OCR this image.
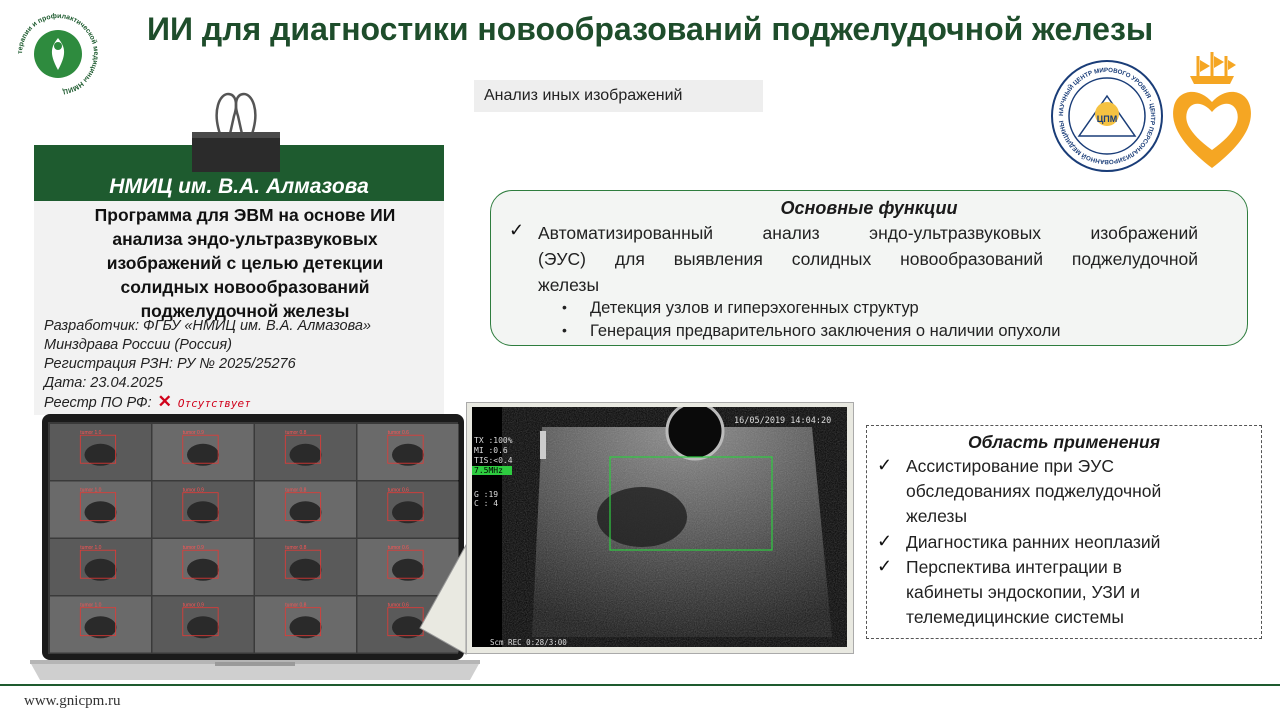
терапии и профилактической медицины НМИЦ
ИИ для диагностики новообразований поджелудочной железы
Анализ иных изображений
ЦПМ
НАУЧНЫЙ ЦЕНТР МИРОВОГО УРОВНЯ · ЦЕНТР ПЕРСОНАЛИЗИРОВАННОЙ МЕДИЦИНЫ
НМИЦ им. В.А. Алмазова
Программа для ЭВМ на основе ИИ
анализа эндо-ультразвуковых
изображений с целью детекции
солидных новообразований
поджелудочной железы
Разработчик: ФГБУ «НМИЦ им. В.А. Алмазова»
Минздрава России (Россия)
Регистрация РЗН: РУ № 2025/25276
Дата: 23.04.2025
Реестр ПО РФ: ✕ Отсутствует
tumor 1.0	tumor 0.9	tumor 0.8	tumor 0.6
tumor 1.0	tumor 0.9	tumor 0.8	tumor 0.6
tumor 1.0	tumor 0.9	tumor 0.8	tumor 0.6
tumor 1.0	tumor 0.9	tumor 0.8	tumor 0.6
16/05/2019 14:04:20
TX :100%
MI :0.6
TIS:<0.4
7.5MHz
G :19
C : 4
Scm REC 0:28/3:00
Основные функции
✓ Автоматизированный анализ эндо-ультразвуковых изображений
(ЭУС) для выявления солидных новообразований поджелудочной
железы
• Детекция узлов и гиперэхогенных структур
• Генерация предварительного заключения о наличии опухоли
Область применения
✓ Ассистирование при ЭУС
обследованиях поджелудочной
железы
✓ Диагностика ранних неоплазий
✓ Перспектива интеграции в
кабинеты эндоскопии, УЗИ и
телемедицинские системы
www.gnicpm.ru
